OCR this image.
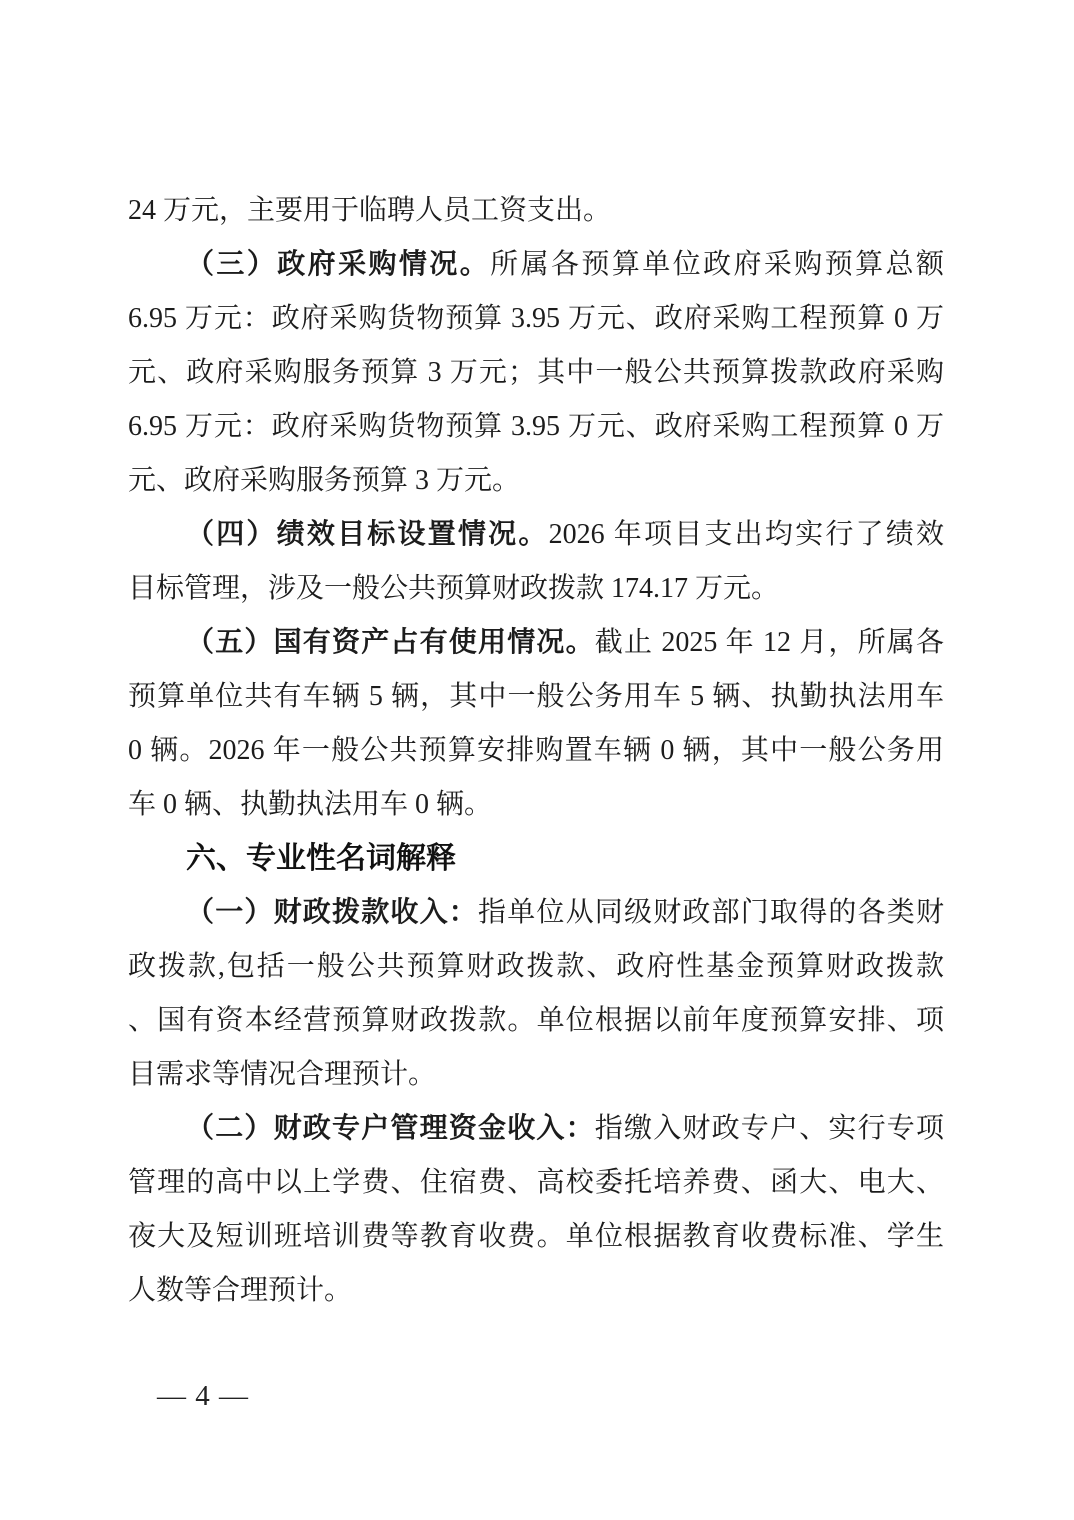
24 万元，主要用于临聘人员工资支出。
（三）政府采购情况。所属各预算单位政府采购预算总额
6.95 万元：政府采购货物预算 3.95 万元、政府采购工程预算 0 万
元、政府采购服务预算 3 万元；其中一般公共预算拨款政府采购
6.95 万元：政府采购货物预算 3.95 万元、政府采购工程预算 0 万
元、政府采购服务预算 3 万元。
（四）绩效目标设置情况。2026 年项目支出均实行了绩效
目标管理，涉及一般公共预算财政拨款 174.17 万元。
（五）国有资产占有使用情况。截止 2025 年 12 月，所属各
预算单位共有车辆 5 辆，其中一般公务用车 5 辆、执勤执法用车
0 辆。2026 年一般公共预算安排购置车辆 0 辆，其中一般公务用
车 0 辆、执勤执法用车 0 辆。
六、专业性名词解释
（一）财政拨款收入：指单位从同级财政部门取得的各类财
政拨款,包括一般公共预算财政拨款、政府性基金预算财政拨款
、国有资本经营预算财政拨款。单位根据以前年度预算安排、项
目需求等情况合理预计。
（二）财政专户管理资金收入：指缴入财政专户、实行专项
管理的高中以上学费、住宿费、高校委托培养费、函大、电大、
夜大及短训班培训费等教育收费。单位根据教育收费标准、学生
人数等合理预计。
— 4 —
